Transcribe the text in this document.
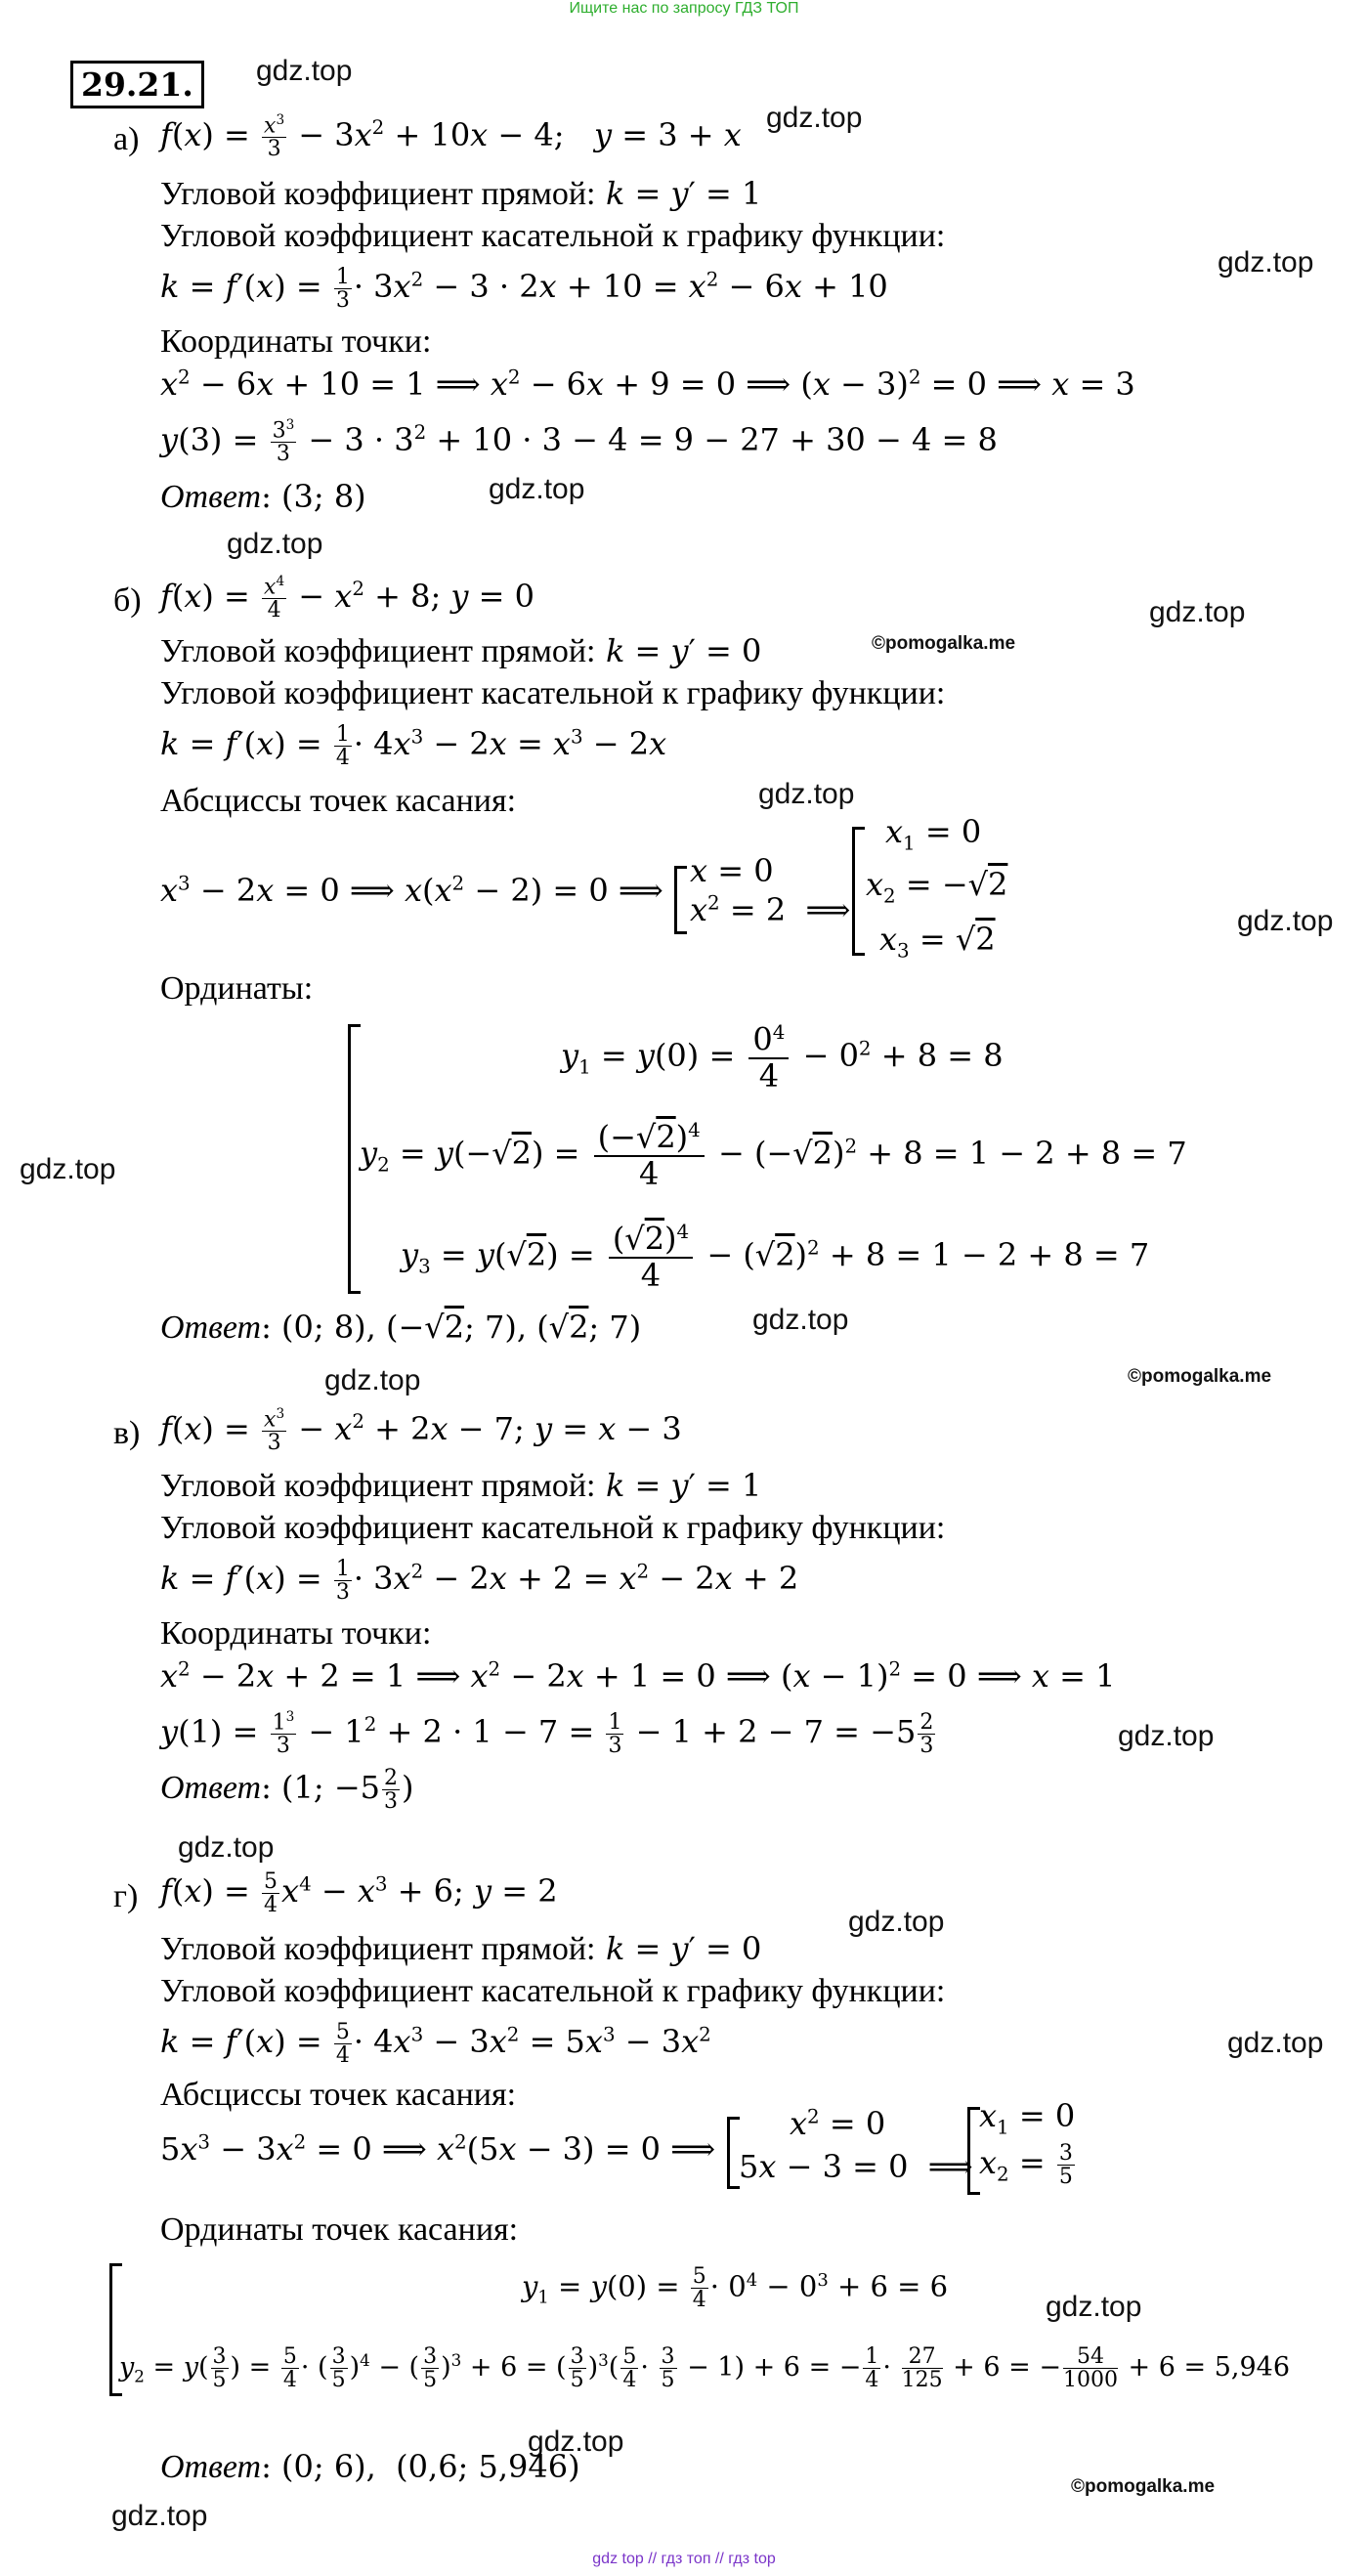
Ищите нас по запросу ГДЗ ТОП
29.21.	gdz.top
gdz.top
gdz.top
gdz.top
gdz.top
gdz.top
©pomogalka.me
gdz.top
gdz.top
gdz.top
gdz.top
gdz.top	©pomogalka.me
gdz.top
gdz.top
gdz.top
gdz.top
gdz.top
gdz.top
©pomogalka.me
gdz.top
а) $f(x) = \frac{x^3}{3} - 3x^2 + 10x - 4$;   y = 3 + x
Угловой коэффициент прямой: k = y′ = 1
Угловой коэффициент касательной к графику функции:
$k = f'(x) = \frac{1}{3} \cdot 3x^2 - 3 \cdot 2x + 10 = x^2 - 6x + 10$
Координаты точки:
$x^2 - 6x + 10 = 1$ ⟹ $x^2 - 6x + 9 = 0$ ⟹ $(x - 3)^2 = 0$ ⟹ x = 3
$y(3) = \frac{3^3}{3} - 3 \cdot 3^2 + 10 \cdot 3 - 4 = 9 - 27 + 30 - 4 = 8$
Ответ: (3; 8)
б) $f(x) = \frac{x^4}{4} - x^2 + 8$; y = 0
Угловой коэффициент прямой: k = y′ = 0
Угловой коэффициент касательной к графику функции:
$k = f'(x) = \frac{1}{4} \cdot 4x^3 - 2x = x^3 - 2x$
Абсциссы точек касания:
$x^3 - 2x = 0$ ⟹ $x(x^2 - 2) = 0$ ⟹
x = 0
$x^2 = 2$  ⟹
$x_1 = 0$
$x_2 = -√2$
$x_3 = √2$
Ординаты:
$y_1 = y(0) = \frac{0^4}{4} - 0^2 + 8 = 8$
$y_2 = y(-√2) = \frac{(-√2)^4}{4} - (-√2)^2 + 8 = 1 - 2 + 8 = 7$
$y_3 = y(√2) = \frac{(√2)^4}{4} - (√2)^2 + 8 = 1 - 2 + 8 = 7$
Ответ: (0; 8), (−√2; 7), (√2; 7)
в) $f(x) = \frac{x^3}{3} - x^2 + 2x - 7$; y = x − 3
Угловой коэффициент прямой: k = y′ = 1
Угловой коэффициент касательной к графику функции:
$k = f'(x) = \frac{1}{3} \cdot 3x^2 - 2x + 2 = x^2 - 2x + 2$
Координаты точки:
$x^2 - 2x + 2 = 1$ ⟹ $x^2 - 2x + 1 = 0$ ⟹ $(x - 1)^2 = 0$ ⟹ x = 1
$y(1) = \frac{1^3}{3} - 1^2 + 2 \cdot 1 - 7 = \frac{1}{3} - 1 + 2 - 7 = -5 \frac{2}{3}$
Ответ: (1; $-5 \frac{2}{3}$ )
г) $f(x) = \frac{5}{4} x^4 - x^3 + 6$; y = 2
Угловой коэффициент прямой: k = y′ = 0
Угловой коэффициент касательной к графику функции:
$k = f'(x) = \frac{5}{4} \cdot 4x^3 - 3x^2 = 5x^3 - 3x^2$
Абсциссы точек касания:
$5x^3 - 3x^2 = 0$ ⟹ $x^2(5x - 3) = 0$ ⟹
$x^2 = 0$
5x − 3 = 0  ⟹
$x_1 = 0$
$x_2 = \frac{3}{5}$
Ординаты точек касания:
$y_1 = y(0) = \frac{5}{4} \cdot 0^4 - 0^3 + 6 = 6$
$y_2 = y( \frac{3}{5}$ ) = $\frac{5}{4}$ · ( $\frac{3}{5} )^4$ − ( $\frac{3}{5} )^3 + 6$ = ( $\frac{3}{5} )^3( \frac{5}{4} \cdot \frac{3}{5} - 1) + 6$ = − $\frac{1}{4} \cdot \frac{27}{125} + 6$ = − $\frac{54}{1000} + 6 = 5,946$
Ответ: (0; 6),  (0,6; 5,946)
gdz top // гдз топ // гдз top
